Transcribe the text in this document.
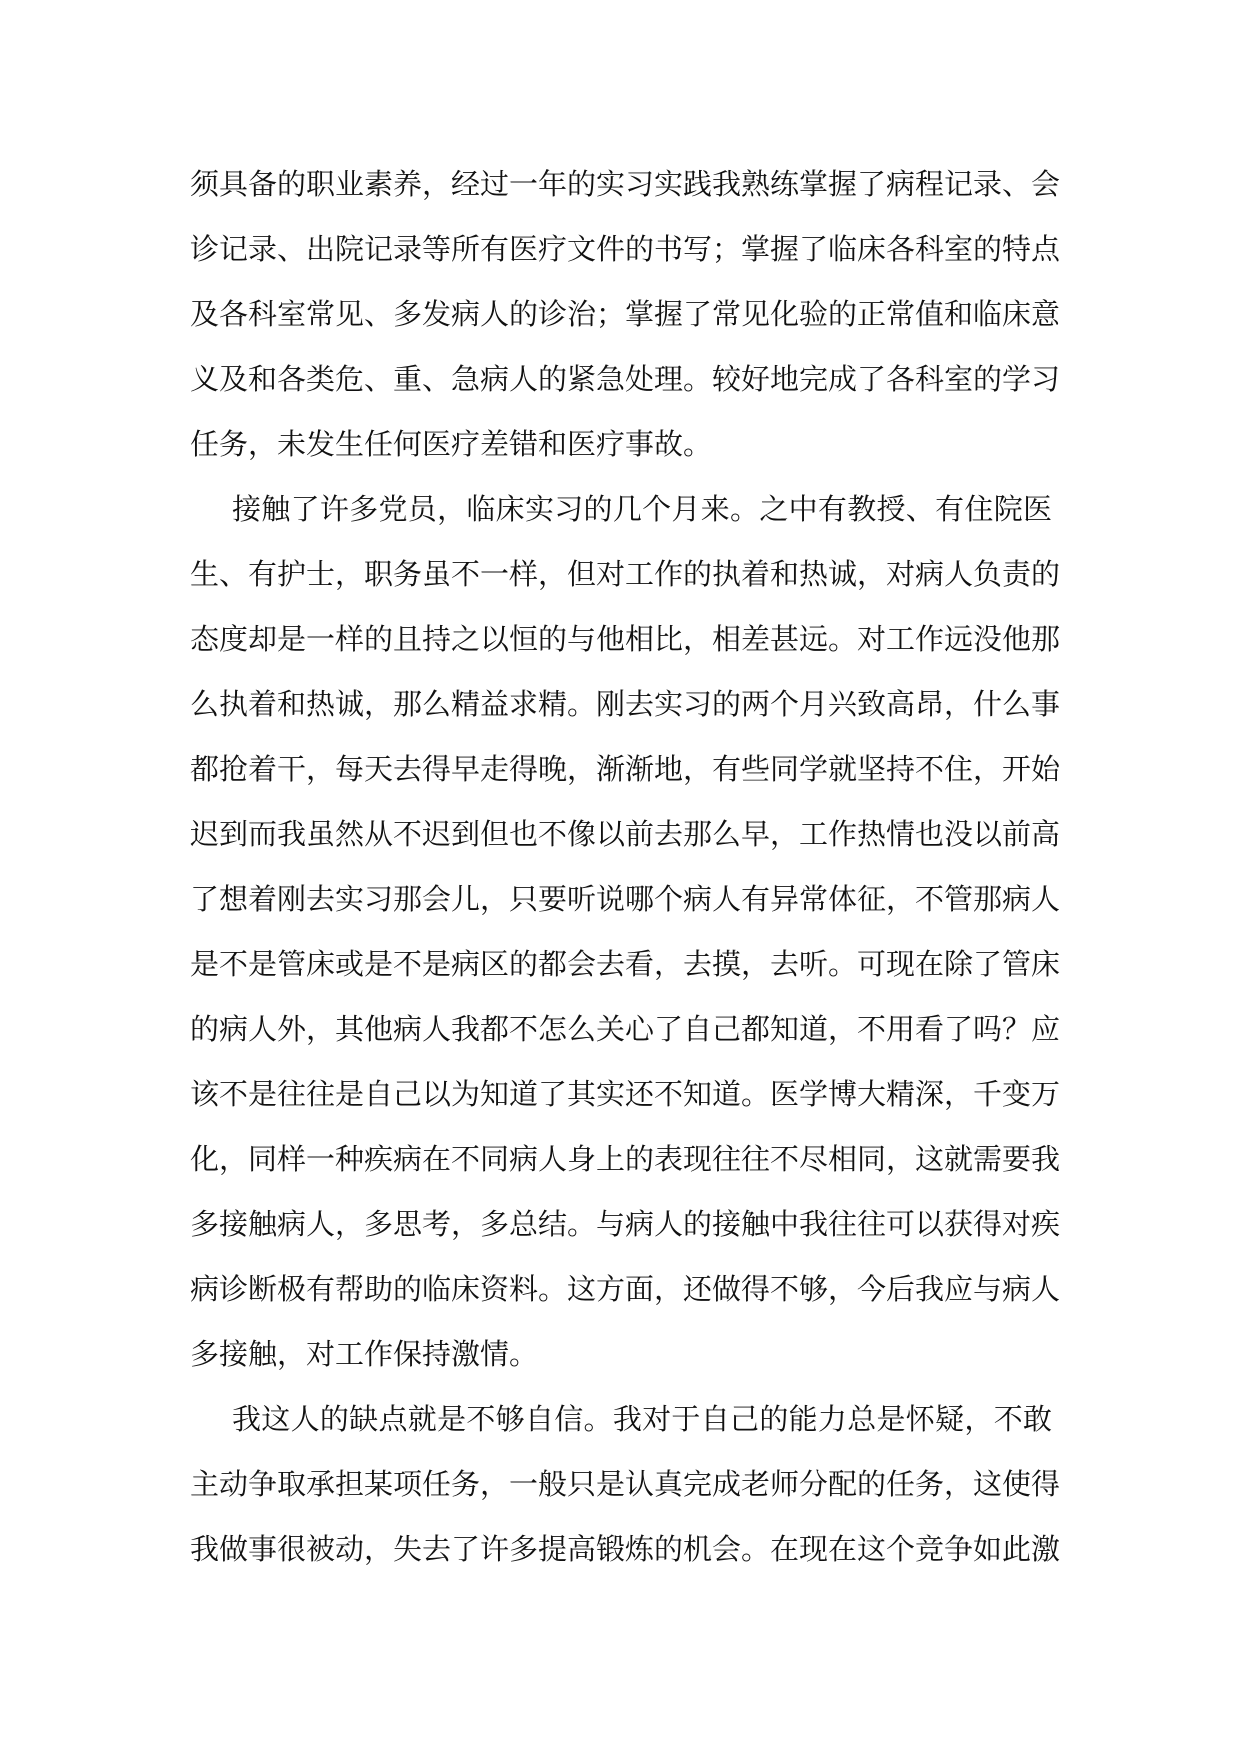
须具备的职业素养，经过一年的实习实践我熟练掌握了病程记录、会
诊记录、出院记录等所有医疗文件的书写；掌握了临床各科室的特点
及各科室常见、多发病人的诊治；掌握了常见化验的正常值和临床意
义及和各类危、重、急病人的紧急处理。较好地完成了各科室的学习
任务，未发生任何医疗差错和医疗事故。
接触了许多党员，临床实习的几个月来。之中有教授、有住院医
生、有护士，职务虽不一样，但对工作的执着和热诚，对病人负责的
态度却是一样的且持之以恒的与他相比，相差甚远。对工作远没他那
么执着和热诚，那么精益求精。刚去实习的两个月兴致高昂，什么事
都抢着干，每天去得早走得晚，渐渐地，有些同学就坚持不住，开始
迟到而我虽然从不迟到但也不像以前去那么早，工作热情也没以前高
了想着刚去实习那会儿，只要听说哪个病人有异常体征，不管那病人
是不是管床或是不是病区的都会去看，去摸，去听。可现在除了管床
的病人外，其他病人我都不怎么关心了自己都知道，不用看了吗？应
该不是往往是自己以为知道了其实还不知道。医学博大精深，千变万
化，同样一种疾病在不同病人身上的表现往往不尽相同，这就需要我
多接触病人，多思考，多总结。与病人的接触中我往往可以获得对疾
病诊断极有帮助的临床资料。这方面，还做得不够，今后我应与病人
多接触，对工作保持激情。
我这人的缺点就是不够自信。我对于自己的能力总是怀疑，不敢
主动争取承担某项任务，一般只是认真完成老师分配的任务，这使得
我做事很被动，失去了许多提高锻炼的机会。在现在这个竞争如此激
